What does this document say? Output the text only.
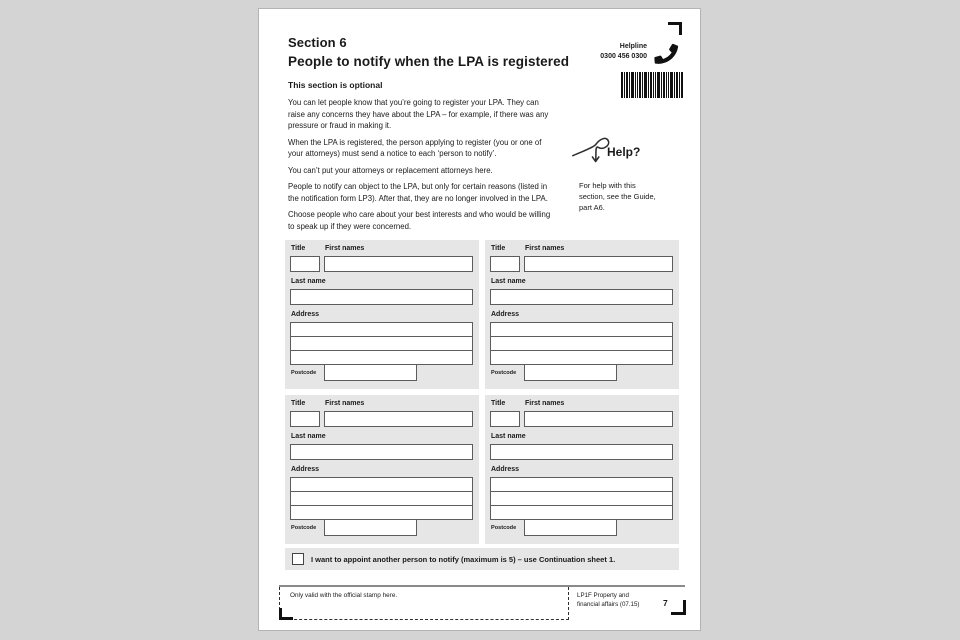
Section 6
People to notify when the LPA is registered
Helpline
0300 456 0300
This section is optional

You can let people know that you’re going to register your LPA. They can raise any concerns they have about the LPA – for example, if there was any pressure or fraud in making it.

When the LPA is registered, the person applying to register (you or one of your attorneys) must send a notice to each ‘person to notify’.

You can’t put your attorneys or replacement attorneys here.

People to notify can object to the LPA, but only for certain reasons (listed in the notification form LP3). After that, they are no longer involved in the LPA.

Choose people who care about your best interests and who would be willing to speak up if they were concerned.

Help?
For help with this section, see the Guide, part A6.
Title	First names
Last name
Address
Postcode
Title	First names
Last name
Address
Postcode
Title	First names
Last name
Address
Postcode
Title	First names
Last name
Address
Postcode
I want to appoint another person to notify (maximum is 5) – use Continuation sheet 1.
Only valid with the official stamp here.	LP1F Property and financial affairs (07.15)	7
